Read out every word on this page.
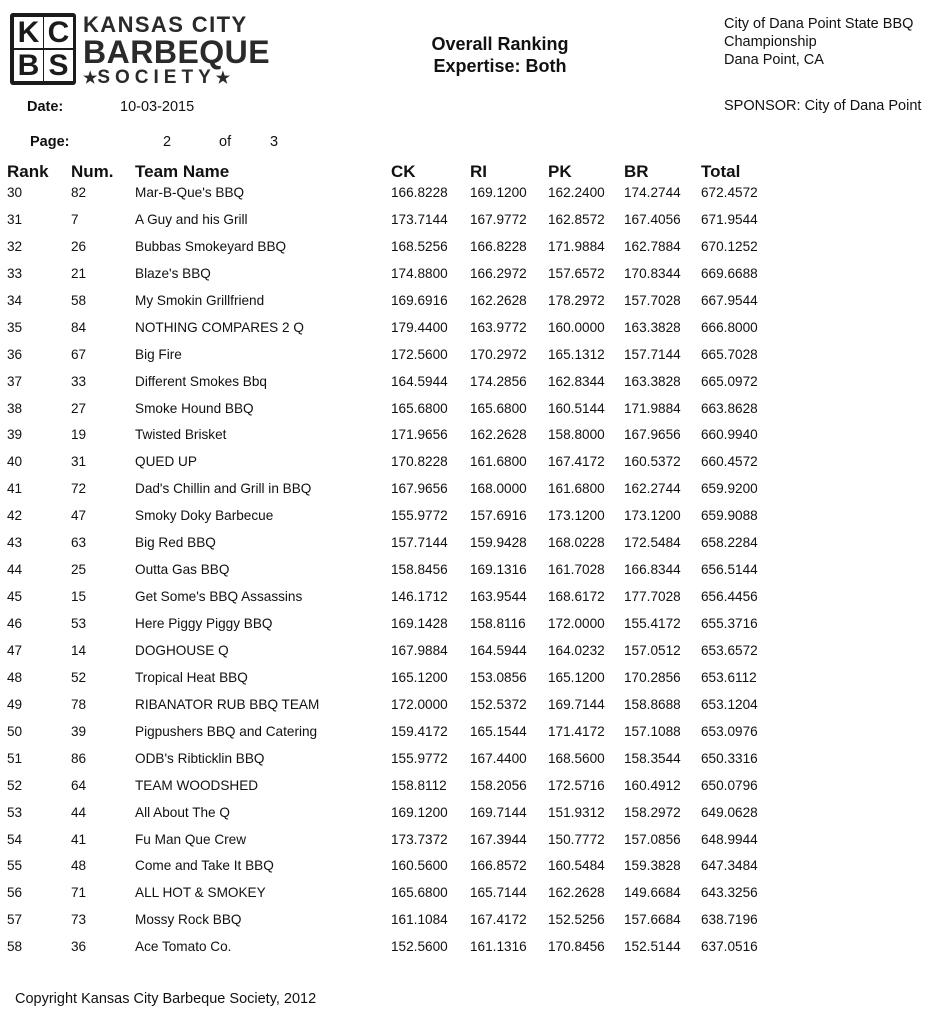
K C
B S
KANSAS CITY
BARBEQUE
★SOCIETY★
Overall Ranking
Expertise: Both
City of Dana Point State BBQ
Championship
Dana Point, CA
SPONSOR: City of Dana Point
Date:	10-03-2015
Page:	2	of	3
Rank Num. Team Name	CK	RI	PK	BR	Total
30	82	Mar-B-Que's BBQ	166.8228 169.1200 162.2400 174.2744 672.4572
31	7	A Guy and his Grill	173.7144 167.9772 162.8572 167.4056 671.9544
32	26	Bubbas Smokeyard BBQ	168.5256 166.8228 171.9884 162.7884 670.1252
33	21	Blaze's BBQ	174.8800 166.2972 157.6572 170.8344 669.6688
34	58	My Smokin Grillfriend	169.6916 162.2628 178.2972 157.7028 667.9544
35	84	NOTHING COMPARES 2 Q	179.4400 163.9772 160.0000 163.3828 666.8000
36	67	Big Fire	172.5600 170.2972 165.1312 157.7144 665.7028
37	33	Different Smokes Bbq	164.5944 174.2856 162.8344 163.3828 665.0972
38	27	Smoke Hound BBQ	165.6800 165.6800 160.5144 171.9884 663.8628
39	19	Twisted Brisket	171.9656 162.2628 158.8000 167.9656 660.9940
40	31	QUED UP	170.8228 161.6800 167.4172 160.5372 660.4572
41	72	Dad's Chillin and Grill in BBQ	167.9656 168.0000 161.6800 162.2744 659.9200
42	47	Smoky Doky Barbecue	155.9772 157.6916 173.1200 173.1200 659.9088
43	63	Big Red BBQ	157.7144 159.9428 168.0228 172.5484 658.2284
44	25	Outta Gas BBQ	158.8456 169.1316 161.7028 166.8344 656.5144
45	15	Get Some's BBQ Assassins	146.1712 163.9544 168.6172 177.7028 656.4456
46	53	Here Piggy Piggy BBQ	169.1428 158.8116 172.0000 155.4172 655.3716
47	14	DOGHOUSE Q	167.9884 164.5944 164.0232 157.0512 653.6572
48	52	Tropical Heat BBQ	165.1200 153.0856 165.1200 170.2856 653.6112
49	78	RIBANATOR RUB BBQ TEAM	172.0000 152.5372 169.7144 158.8688 653.1204
50	39	Pigpushers BBQ and Catering	159.4172 165.1544 171.4172 157.1088 653.0976
51	86	ODB's Ribticklin BBQ	155.9772 167.4400 168.5600 158.3544 650.3316
52	64	TEAM WOODSHED	158.8112 158.2056 172.5716 160.4912 650.0796
53	44	All About The Q	169.1200 169.7144 151.9312 158.2972 649.0628
54	41	Fu Man Que Crew	173.7372 167.3944 150.7772 157.0856 648.9944
55	48	Come and Take It BBQ	160.5600 166.8572 160.5484 159.3828 647.3484
56	71	ALL HOT & SMOKEY	165.6800 165.7144 162.2628 149.6684 643.3256
57	73	Mossy Rock BBQ	161.1084 167.4172 152.5256 157.6684 638.7196
58	36	Ace Tomato Co.	152.5600 161.1316 170.8456 152.5144 637.0516
Copyright Kansas City Barbeque Society, 2012
